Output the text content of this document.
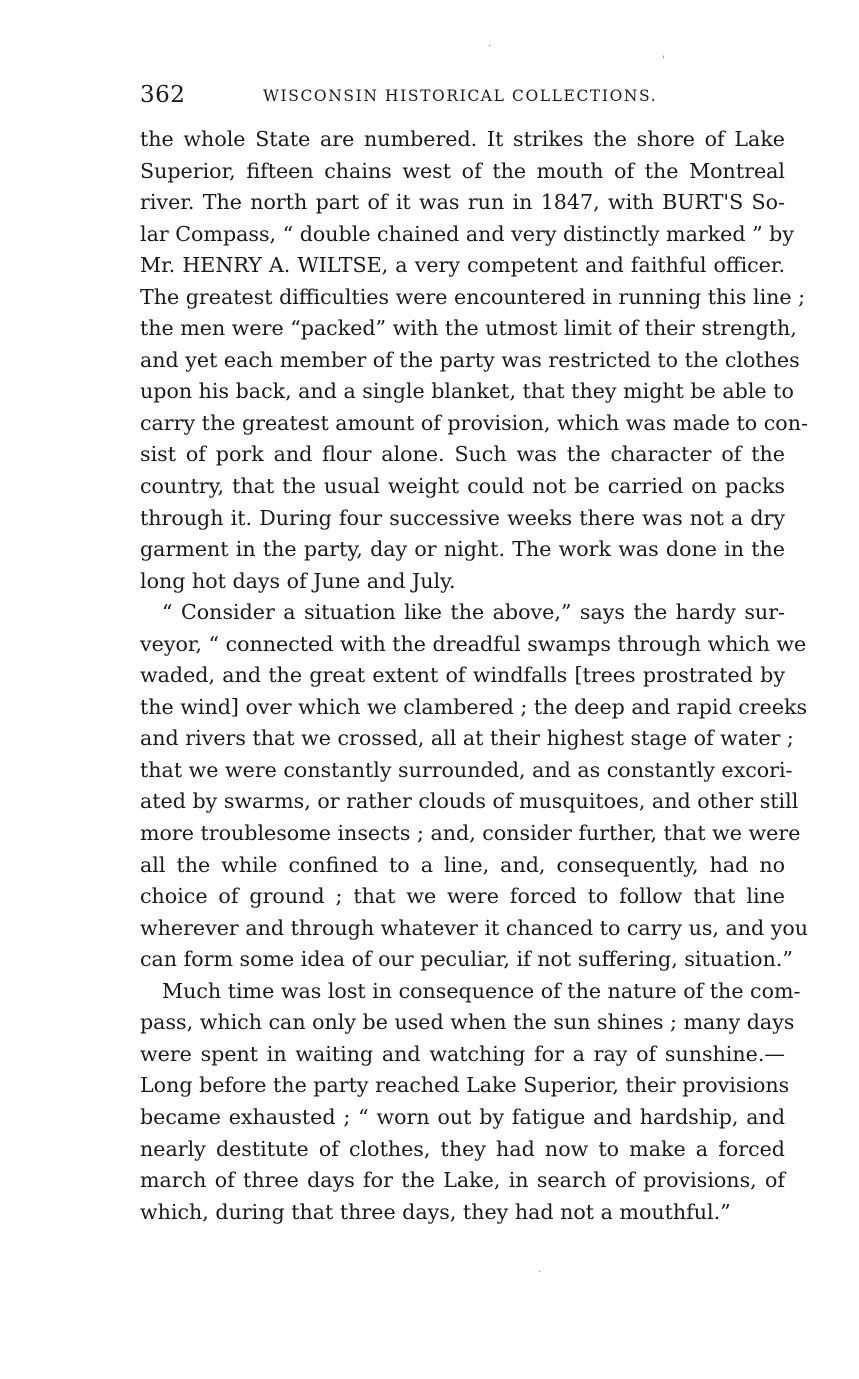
·
'
362	WISCONSIN HISTORICAL COLLECTIONS.
the whole State are numbered. It strikes the shore of Lake
Superior, fifteen chains west of the mouth of the Montreal
river. The north part of it was run in 1847, with BURT'S So-
lar Compass, “ double chained and very distinctly marked ” by
Mr. HENRY A. WILTSE, a very competent and faithful officer.
The greatest difficulties were encountered in running this line ;
the men were “packed” with the utmost limit of their strength,
and yet each member of the party was restricted to the clothes
upon his back, and a single blanket, that they might be able to
carry the greatest amount of provision, which was made to con-
sist of pork and flour alone. Such was the character of the
country, that the usual weight could not be carried on packs
through it. During four successive weeks there was not a dry
garment in the party, day or night. The work was done in the
long hot days of June and July.
“ Consider a situation like the above,” says the hardy sur-
veyor, “ connected with the dreadful swamps through which we
waded, and the great extent of windfalls [trees prostrated by
the wind] over which we clambered ; the deep and rapid creeks
and rivers that we crossed, all at their highest stage of water ;
that we were constantly surrounded, and as constantly excori-
ated by swarms, or rather clouds of musquitoes, and other still
more troublesome insects ; and, consider further, that we were
all the while confined to a line, and, consequently, had no
choice of ground ; that we were forced to follow that line
wherever and through whatever it chanced to carry us, and you
can form some idea of our peculiar, if not suffering, situation.”
Much time was lost in consequence of the nature of the com-
pass, which can only be used when the sun shines ; many days
were spent in waiting and watching for a ray of sunshine.—
Long before the party reached Lake Superior, their provisions
became exhausted ; “ worn out by fatigue and hardship, and
nearly destitute of clothes, they had now to make a forced
march of three days for the Lake, in search of provisions, of
which, during that three days, they had not a mouthful.”
·
